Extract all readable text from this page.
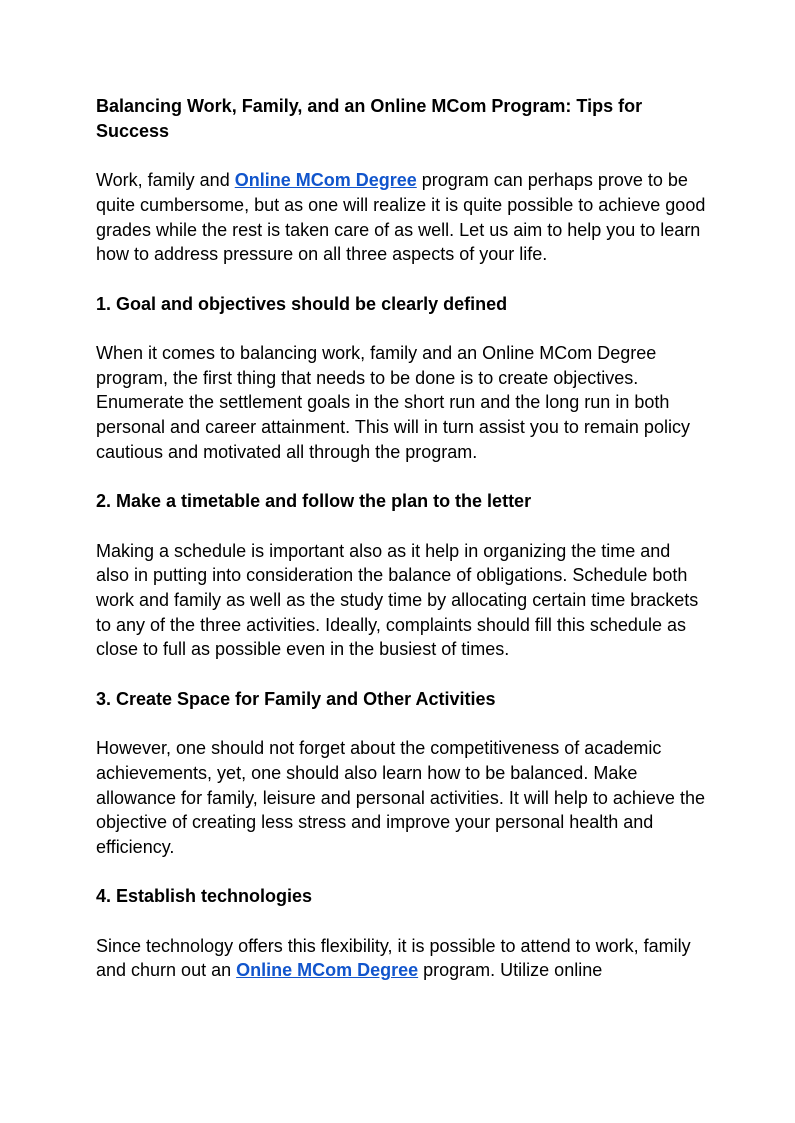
Balancing Work, Family, and an Online MCom Program: Tips for Success
Work, family and Online MCom Degree program can perhaps prove to be quite cumbersome, but as one will realize it is quite possible to achieve good grades while the rest is taken care of as well. Let us aim to help you to learn how to address pressure on all three aspects of your life.
1. Goal and objectives should be clearly defined
When it comes to balancing work, family and an Online MCom Degree program, the first thing that needs to be done is to create objectives. Enumerate the settlement goals in the short run and the long run in both personal and career attainment. This will in turn assist you to remain policy cautious and motivated all through the program.
2. Make a timetable and follow the plan to the letter
Making a schedule is important also as it help in organizing the time and also in putting into consideration the balance of obligations. Schedule both work and family as well as the study time by allocating certain time brackets to any of the three activities. Ideally, complaints should fill this schedule as close to full as possible even in the busiest of times.
3. Create Space for Family and Other Activities
However, one should not forget about the competitiveness of academic achievements, yet, one should also learn how to be balanced. Make allowance for family, leisure and personal activities. It will help to achieve the objective of creating less stress and improve your personal health and efficiency.
4. Establish technologies
Since technology offers this flexibility, it is possible to attend to work, family and churn out an Online MCom Degree program. Utilize online
